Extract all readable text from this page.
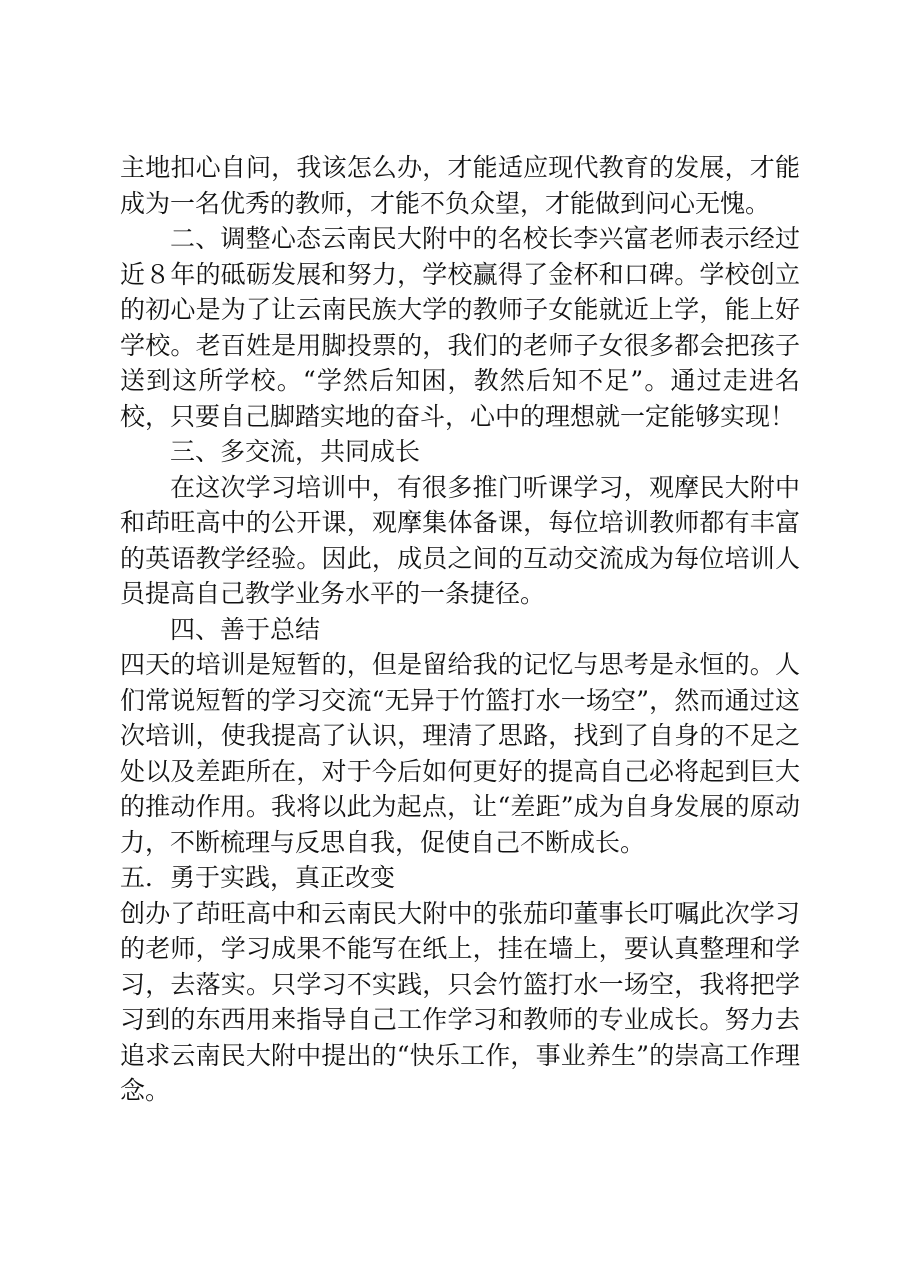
主地扣心自问，我该怎么办，才能适应现代教育的发展，才能成为一名优秀的教师，才能不负众望，才能做到问心无愧。

二、调整心态云南民大附中的名校长李兴富老师表示经过近８年的砥砺发展和努力，学校赢得了金杯和口碑。学校创立的初心是为了让云南民族大学的教师子女能就近上学，能上好学校。老百姓是用脚投票的，我们的老师子女很多都会把孩子送到这所学校。“学然后知困，教然后知不足”。通过走进名校，只要自己脚踏实地的奋斗，心中的理想就一定能够实现！

三、多交流，共同成长

在这次学习培训中，有很多推门听课学习，观摩民大附中和茚旺高中的公开课，观摩集体备课，每位培训教师都有丰富的英语教学经验。因此，成员之间的互动交流成为每位培训人员提高自己教学业务水平的一条捷径。

四、善于总结

四天的培训是短暂的，但是留给我的记忆与思考是永恒的。人们常说短暂的学习交流“无异于竹篮打水一场空”，然而通过这次培训，使我提高了认识，理清了思路，找到了自身的不足之处以及差距所在，对于今后如何更好的提高自己必将起到巨大的推动作用。我将以此为起点，让“差距”成为自身发展的原动力，不断梳理与反思自我，促使自己不断成长。

五．勇于实践，真正改变

创办了茚旺高中和云南民大附中的张茄印董事长叮嘱此次学习的老师，学习成果不能写在纸上，挂在墙上，要认真整理和学习，去落实。只学习不实践，只会竹篮打水一场空，我将把学习到的东西用来指导自己工作学习和教师的专业成长。努力去追求云南民大附中提出的“快乐工作，事业养生”的崇高工作理念。
